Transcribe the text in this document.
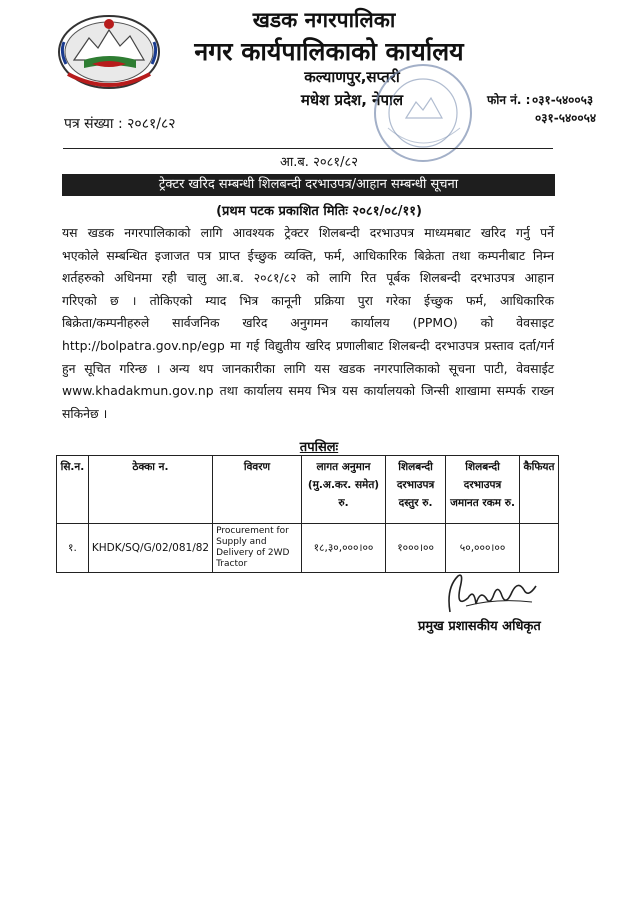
खडक नगरपालिका
नगर कार्यपालिकाको कार्यालय
कल्याणपुर,सप्तरी
मधेश प्रदेश, नेपाल	फोन नं. : ०३१-५४००५३
०३१-५४००५४
पत्र संख्या : २०८१/८२
आ.ब. २०८१/८२
ट्रेक्टर खरिद सम्बन्धी शिलबन्दी दरभाउपत्र/आहान सम्बन्धी सूचना
(प्रथम पटक प्रकाशित मितिः २०८१/०८/११)
यस खडक नगरपालिकाको लागि आवश्यक ट्रेक्टर शिलबन्दी दरभाउपत्र माध्यमबाट खरिद गर्नु पर्ने
भएकोले सम्बन्धित इजाजत पत्र प्राप्त ईच्छुक व्यक्ति, फर्म, आधिकारिक बिक्रेता तथा कम्पनीबाट निम्न
शर्तहरुको अधिनमा रही चालु आ.ब. २०८१/८२ को लागि रित पूर्बक शिलबन्दी दरभाउपत्र आहान
गरिएको छ । तोकिएको म्याद भित्र कानूनी प्रक्रिया पुरा गरेका ईच्छुक फर्म, आधिकारिक
बिक्रेता/कम्पनीहरुले सार्वजनिक खरिद अनुगमन कार्यालय (PPMO) को वेवसाइट
http://bolpatra.gov.np/egp मा गई विद्युतीय खरिद प्रणालीबाट शिलबन्दी दरभाउपत्र प्रस्ताव दर्ता/गर्न
हुन सूचित गरिन्छ । अन्य थप जानकारीका लागि यस खडक नगरपालिकाको सूचना पाटी, वेवसाईट
www.khadakmun.gov.np तथा कार्यालय समय भित्र यस कार्यालयको जिन्सी शाखामा सम्पर्क राख्न
सकिनेछ ।
तपसिलः
सि.न.	ठेक्का न.	विवरण	लागत अनुमान (मु.अ.कर. समेत) रु.	शिलबन्दी दरभाउपत्र दस्तुर रु.	शिलबन्दी दरभाउपत्र जमानत रकम रु.	कैफियत
१.	KHDK/SQ/G/02/081/82	Procurement for Supply and Delivery of 2WD Tractor	१८,३०,०००।००	१०००।००	५०,०००।००	
प्रमुख प्रशासकीय अधिकृत
